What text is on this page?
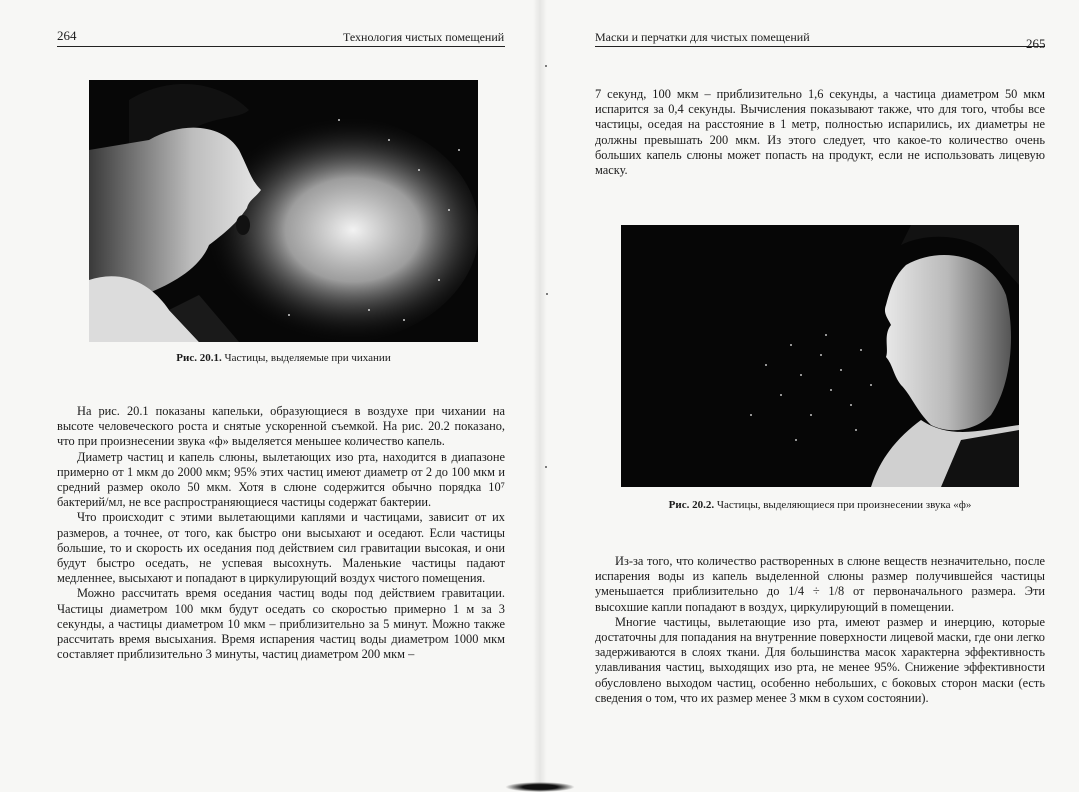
264	Технология чистых помещений
Рис. 20.1. Частицы, выделяемые при чихании

На рис. 20.1 показаны капельки, образующиеся в воздухе при чихании на высоте человеческого роста и снятые ускоренной съемкой. На рис. 20.2 показано, что при произнесении звука «ф» выделяется меньшее количество капель.

Диаметр частиц и капель слюны, вылетающих изо рта, находится в диапазоне примерно от 1 мкм до 2000 мкм; 95% этих частиц имеют диаметр от 2 до 100 мкм и средний размер около 50 мкм. Хотя в слюне содержится обычно порядка 10⁷ бактерий/мл, не все распространяющиеся частицы содержат бактерии.

Что происходит с этими вылетающими каплями и частицами, зависит от их размеров, а точнее, от того, как быстро они высыхают и оседают. Если частицы большие, то и скорость их оседания под действием сил гравитации высокая, и они будут быстро оседать, не успевая высохнуть. Маленькие частицы падают медленнее, высыхают и попадают в циркулирующий воздух чистого помещения.

Можно рассчитать время оседания частиц воды под действием гравитации. Частицы диаметром 100 мкм будут оседать со скоростью примерно 1 м за 3 секунды, а частицы диаметром 10 мкм – приблизительно за 5 минут. Можно также рассчитать время высыхания. Время испарения частиц воды диаметром 1000 мкм составляет приблизительно 3 минуты, частиц диаметром 200 мкм –

Маски и перчатки для чистых помещений	265

7 секунд, 100 мкм – приблизительно 1,6 секунды, а частица диаметром 50 мкм испарится за 0,4 секунды. Вычисления показывают также, что для того, чтобы все частицы, оседая на расстояние в 1 метр, полностью испарились, их диаметры не должны превышать 200 мкм. Из этого следует, что какое-то количество очень больших капель слюны может попасть на продукт, если не использовать лицевую маску.

Рис. 20.2. Частицы, выделяющиеся при произнесении звука «ф»

Из-за того, что количество растворенных в слюне веществ незначительно, после испарения воды из капель выделенной слюны размер получившейся частицы уменьшается приблизительно до 1/4 ÷ 1/8 от первоначального размера. Эти высохшие капли попадают в воздух, циркулирующий в помещении.

Многие частицы, вылетающие изо рта, имеют размер и инерцию, которые достаточны для попадания на внутренние поверхности лицевой маски, где они легко задерживаются в слоях ткани. Для большинства масок характерна эффективность улавливания частиц, выходящих изо рта, не менее 95%. Снижение эффективности обусловлено выходом частиц, особенно небольших, с боковых сторон маски (есть сведения о том, что их размер менее 3 мкм в сухом состоянии).
